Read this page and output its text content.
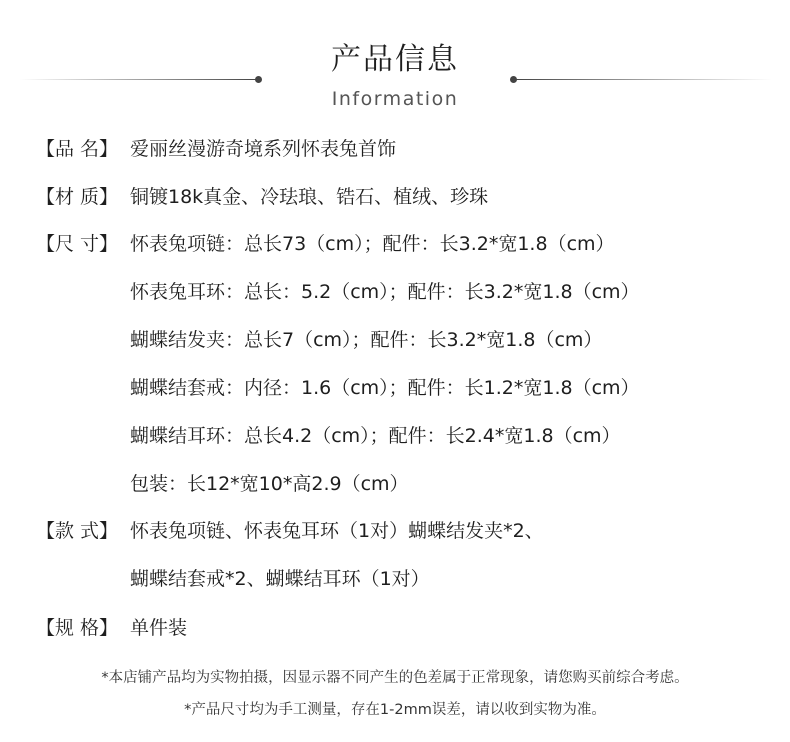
产品信息
Information
【品 名】 爱丽丝漫游奇境系列怀表兔首饰
【材 质】 铜镀18k真金、冷珐琅、锆石、植绒、珍珠
【尺 寸】 怀表兔项链：总长73（cm）；配件：长3.2*宽1.8（cm）
怀表兔耳环：总长：5.2（cm）；配件：长3.2*宽1.8（cm）
蝴蝶结发夹：总长7（cm）；配件：长3.2*宽1.8（cm）
蝴蝶结套戒：内径：1.6（cm）；配件：长1.2*宽1.8（cm）
蝴蝶结耳环：总长4.2（cm）；配件：长2.4*宽1.8（cm）
包装：长12*宽10*高2.9（cm）
【款 式】 怀表兔项链、怀表兔耳环（1对）蝴蝶结发夹*2、
蝴蝶结套戒*2、蝴蝶结耳环（1对）
【规 格】 单件装
*本店铺产品均为实物拍摄，因显示器不同产生的色差属于正常现象，请您购买前综合考虑。
*产品尺寸均为手工测量，存在1-2mm误差，请以收到实物为准。
